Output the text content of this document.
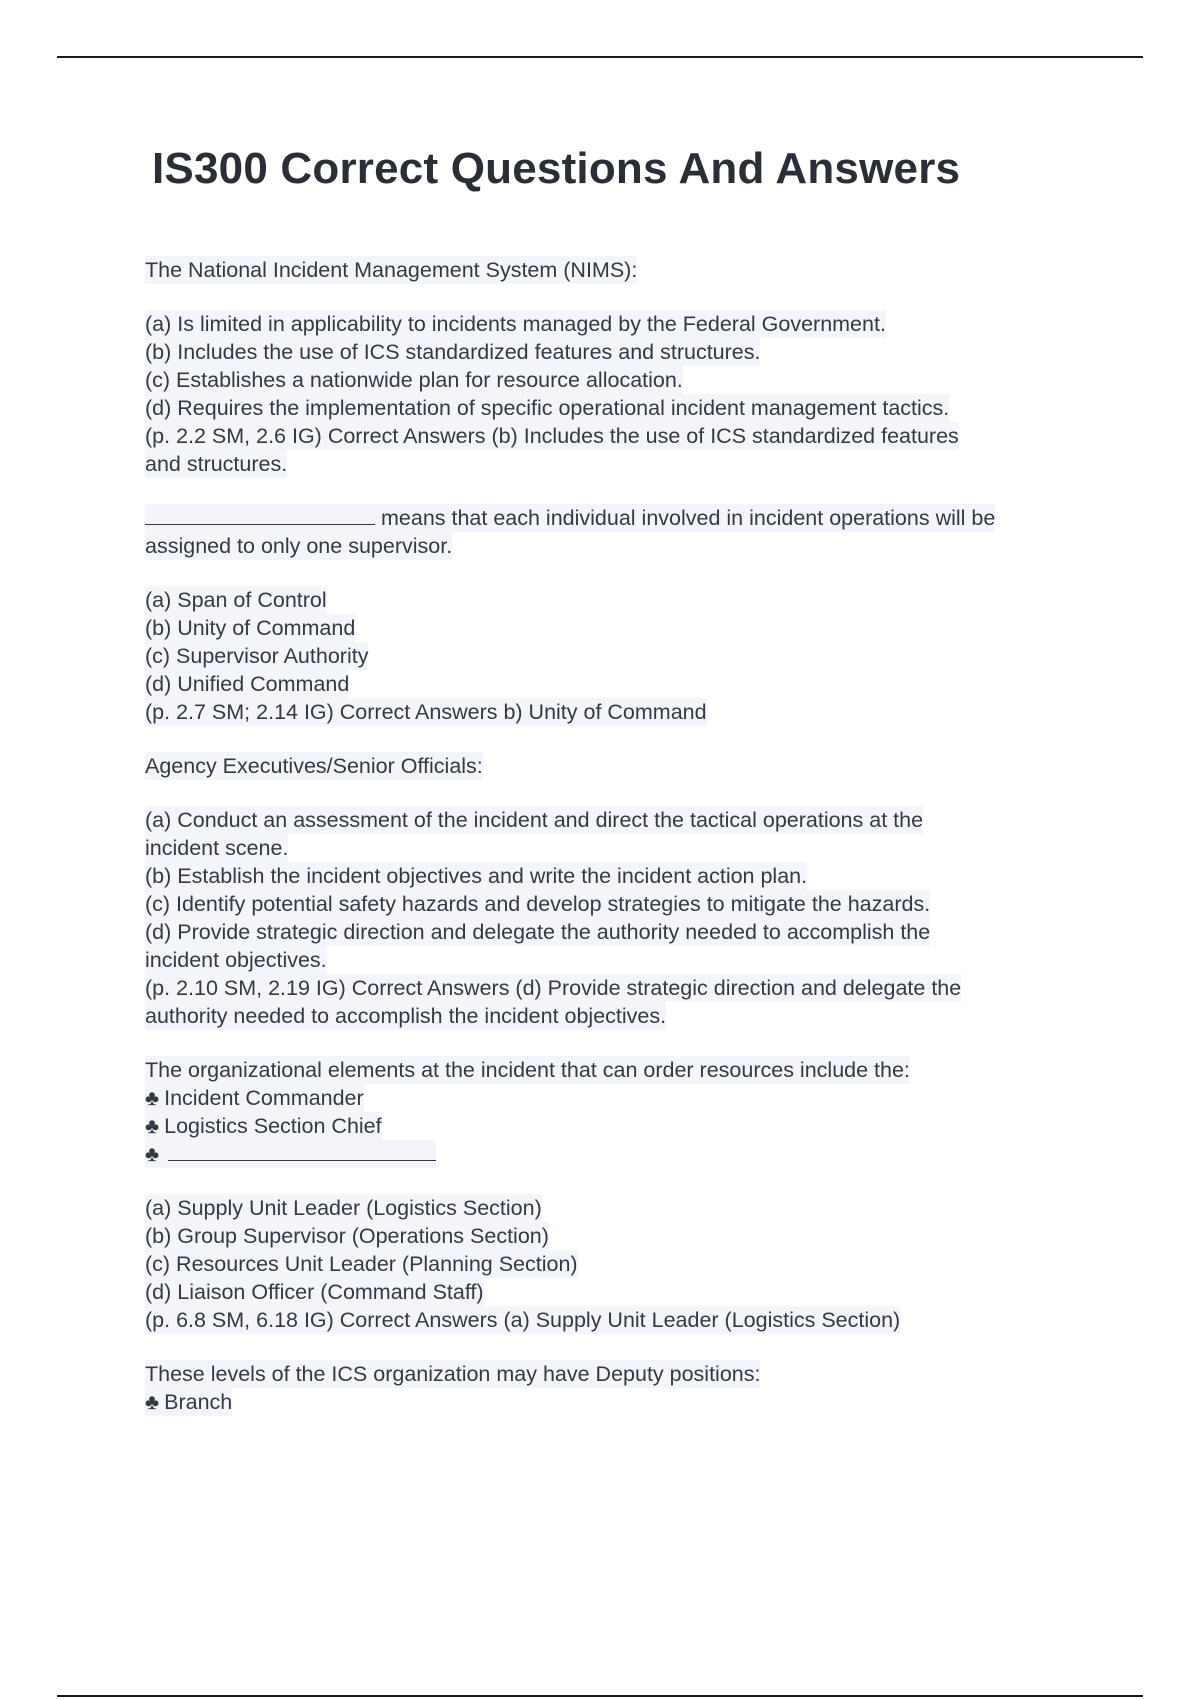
IS300 Correct Questions And Answers
The National Incident Management System (NIMS):
(a) Is limited in applicability to incidents managed by the Federal Government.
(b) Includes the use of ICS standardized features and structures.
(c) Establishes a nationwide plan for resource allocation.
(d) Requires the implementation of specific operational incident management tactics.
(p. 2.2 SM, 2.6 IG) Correct Answers (b) Includes the use of ICS standardized features
and structures.
means that each individual involved in incident operations will be
assigned to only one supervisor.
(a) Span of Control
(b) Unity of Command
(c) Supervisor Authority
(d) Unified Command
(p. 2.7 SM; 2.14 IG) Correct Answers b) Unity of Command
Agency Executives/Senior Officials:
(a) Conduct an assessment of the incident and direct the tactical operations at the
incident scene.
(b) Establish the incident objectives and write the incident action plan.
(c) Identify potential safety hazards and develop strategies to mitigate the hazards.
(d) Provide strategic direction and delegate the authority needed to accomplish the
incident objectives.
(p. 2.10 SM, 2.19 IG) Correct Answers (d) Provide strategic direction and delegate the
authority needed to accomplish the incident objectives.
The organizational elements at the incident that can order resources include the:
♣ Incident Commander
♣ Logistics Section Chief
♣
(a) Supply Unit Leader (Logistics Section)
(b) Group Supervisor (Operations Section)
(c) Resources Unit Leader (Planning Section)
(d) Liaison Officer (Command Staff)
(p. 6.8 SM, 6.18 IG) Correct Answers (a) Supply Unit Leader (Logistics Section)
These levels of the ICS organization may have Deputy positions:
♣ Branch
